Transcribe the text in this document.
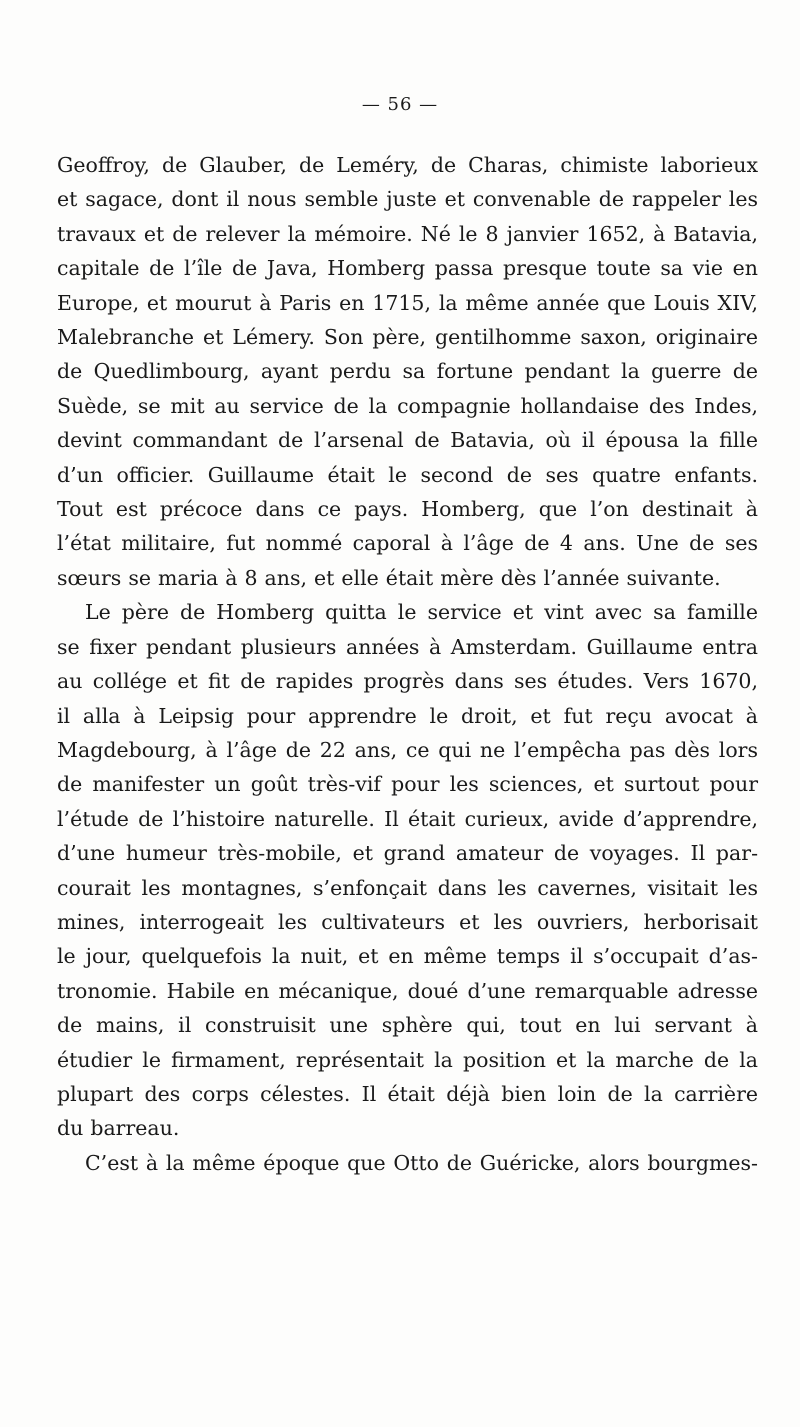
— 56 —
Geoffroy, de Glauber, de Leméry, de Charas, chimiste laborieux
et sagace, dont il nous semble juste et convenable de rappeler les
travaux et de relever la mémoire. Né le 8 janvier 1652, à Batavia,
capitale de l’île de Java, Homberg passa presque toute sa vie en
Europe, et mourut à Paris en 1715, la même année que Louis XIV,
Malebranche et Lémery. Son père, gentilhomme saxon, originaire
de Quedlimbourg, ayant perdu sa fortune pendant la guerre de
Suède, se mit au service de la compagnie hollandaise des Indes,
devint commandant de l’arsenal de Batavia, où il épousa la fille
d’un officier. Guillaume était le second de ses quatre enfants.
Tout est précoce dans ce pays. Homberg, que l’on destinait à
l’état militaire, fut nommé caporal à l’âge de 4 ans. Une de ses
sœurs se maria à 8 ans, et elle était mère dès l’année suivante.
Le père de Homberg quitta le service et vint avec sa famille
se fixer pendant plusieurs années à Amsterdam. Guillaume entra
au collége et fit de rapides progrès dans ses études. Vers 1670,
il alla à Leipsig pour apprendre le droit, et fut reçu avocat à
Magdebourg, à l’âge de 22 ans, ce qui ne l’empêcha pas dès lors
de manifester un goût très-vif pour les sciences, et surtout pour
l’étude de l’histoire naturelle. Il était curieux, avide d’apprendre,
d’une humeur très-mobile, et grand amateur de voyages. Il par-
courait les montagnes, s’enfonçait dans les cavernes, visitait les
mines, interrogeait les cultivateurs et les ouvriers, herborisait
le jour, quelquefois la nuit, et en même temps il s’occupait d’as-
tronomie. Habile en mécanique, doué d’une remarquable adresse
de mains, il construisit une sphère qui, tout en lui servant à
étudier le firmament, représentait la position et la marche de la
plupart des corps célestes. Il était déjà bien loin de la carrière
du barreau.
C’est à la même époque que Otto de Guéricke, alors bourgmes-
